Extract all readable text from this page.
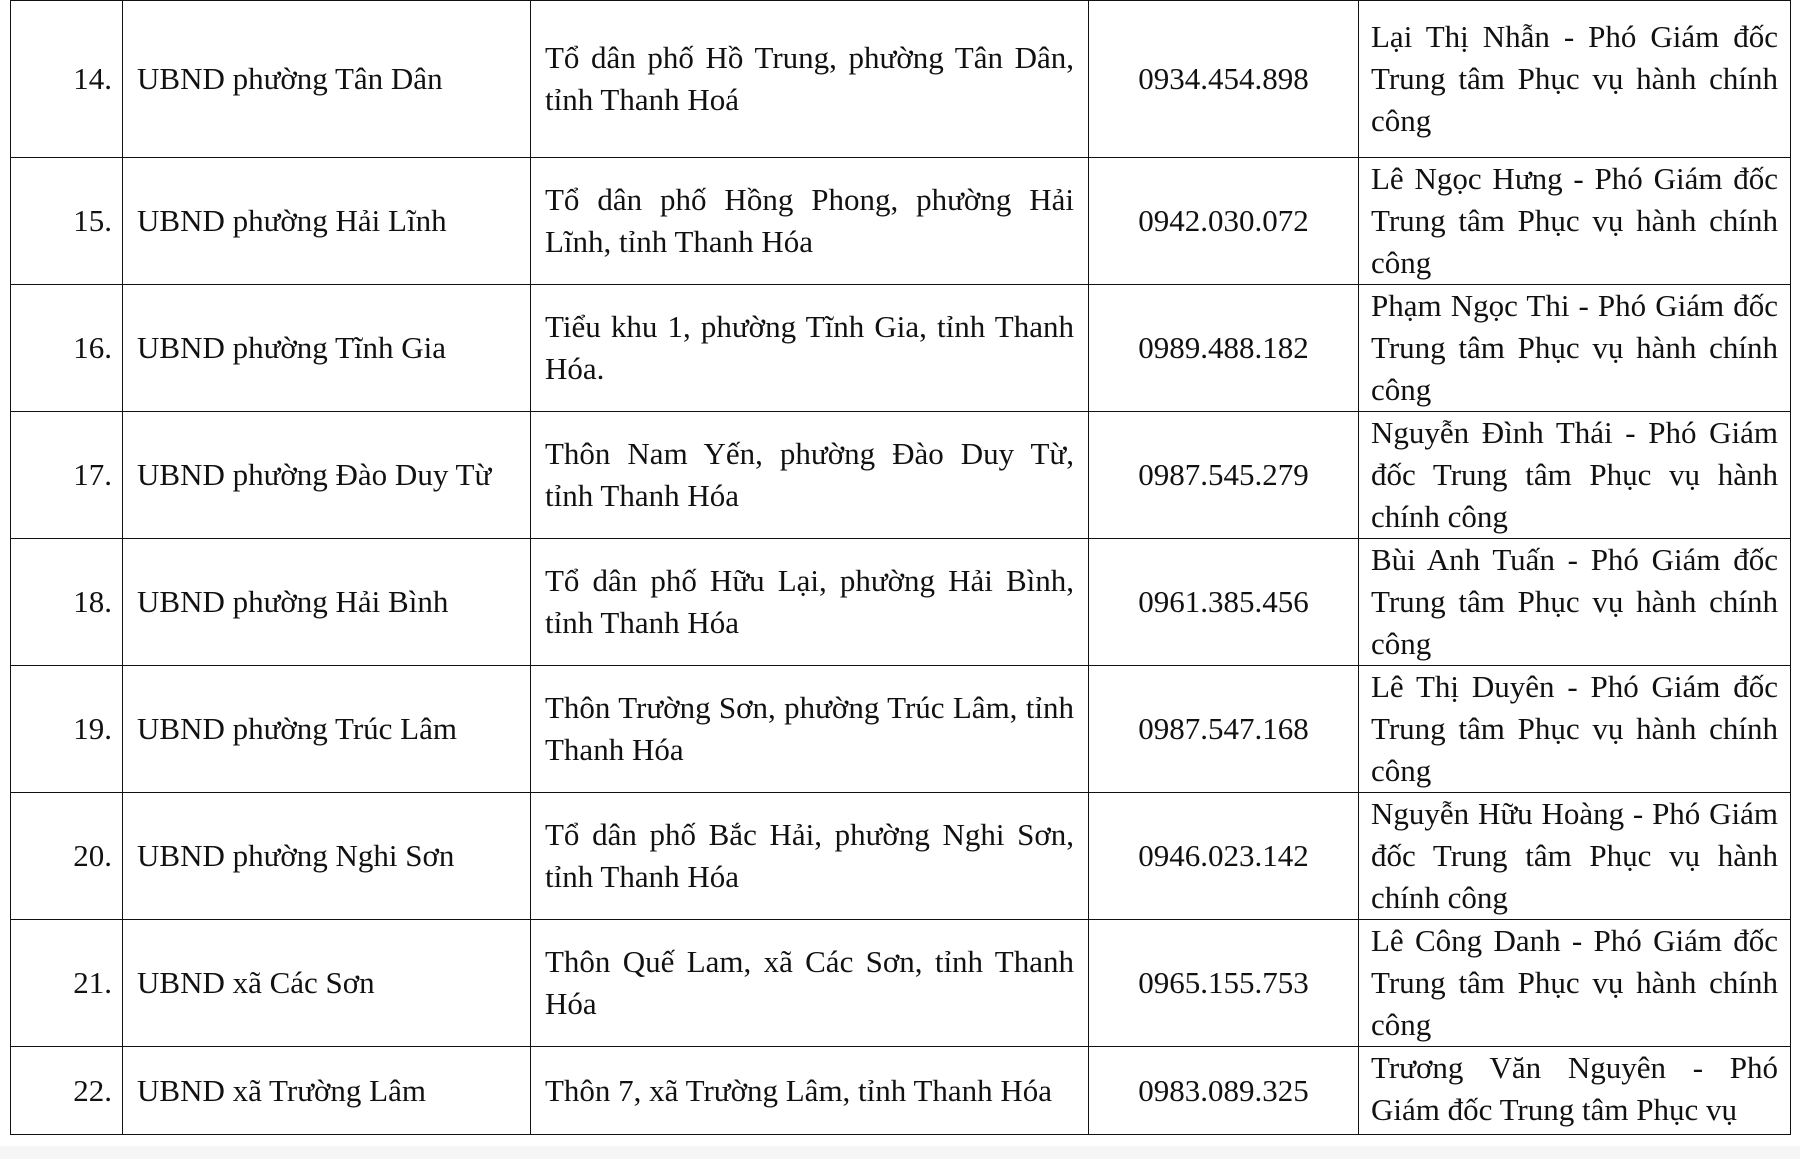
14.	UBND phường Tân Dân	Tổ dân phố Hồ Trung, phường Tân Dân, tỉnh Thanh Hoá	0934.454.898	Lại Thị Nhẫn - Phó Giám đốc Trung tâm Phục vụ hành chính công
15.	UBND phường Hải Lĩnh	Tổ dân phố Hồng Phong, phường Hải Lĩnh, tỉnh Thanh Hóa	0942.030.072	Lê Ngọc Hưng - Phó Giám đốc Trung tâm Phục vụ hành chính công
16.	UBND phường Tĩnh Gia	Tiểu khu 1, phường Tĩnh Gia, tỉnh Thanh Hóa.	0989.488.182	Phạm Ngọc Thi - Phó Giám đốc Trung tâm Phục vụ hành chính công
17.	UBND phường Đào Duy Từ	Thôn Nam Yến, phường Đào Duy Từ, tỉnh Thanh Hóa	0987.545.279	Nguyễn Đình Thái - Phó Giám đốc Trung tâm Phục vụ hành chính công
18.	UBND phường Hải Bình	Tổ dân phố Hữu Lại, phường Hải Bình, tỉnh Thanh Hóa	0961.385.456	Bùi Anh Tuấn - Phó Giám đốc Trung tâm Phục vụ hành chính công
19.	UBND phường Trúc Lâm	Thôn Trường Sơn, phường Trúc Lâm, tỉnh Thanh Hóa	0987.547.168	Lê Thị Duyên - Phó Giám đốc Trung tâm Phục vụ hành chính công
20.	UBND phường Nghi Sơn	Tổ dân phố Bắc Hải, phường Nghi Sơn, tỉnh Thanh Hóa	0946.023.142	Nguyễn Hữu Hoàng - Phó Giám đốc Trung tâm Phục vụ hành chính công
21.	UBND xã Các Sơn	Thôn Quế Lam, xã Các Sơn, tỉnh Thanh Hóa	0965.155.753	Lê Công Danh - Phó Giám đốc Trung tâm Phục vụ hành chính công
22.	UBND xã Trường Lâm	Thôn 7, xã Trường Lâm, tỉnh Thanh Hóa	0983.089.325	Trương Văn Nguyên - Phó Giám đốc Trung tâm Phục vụ
